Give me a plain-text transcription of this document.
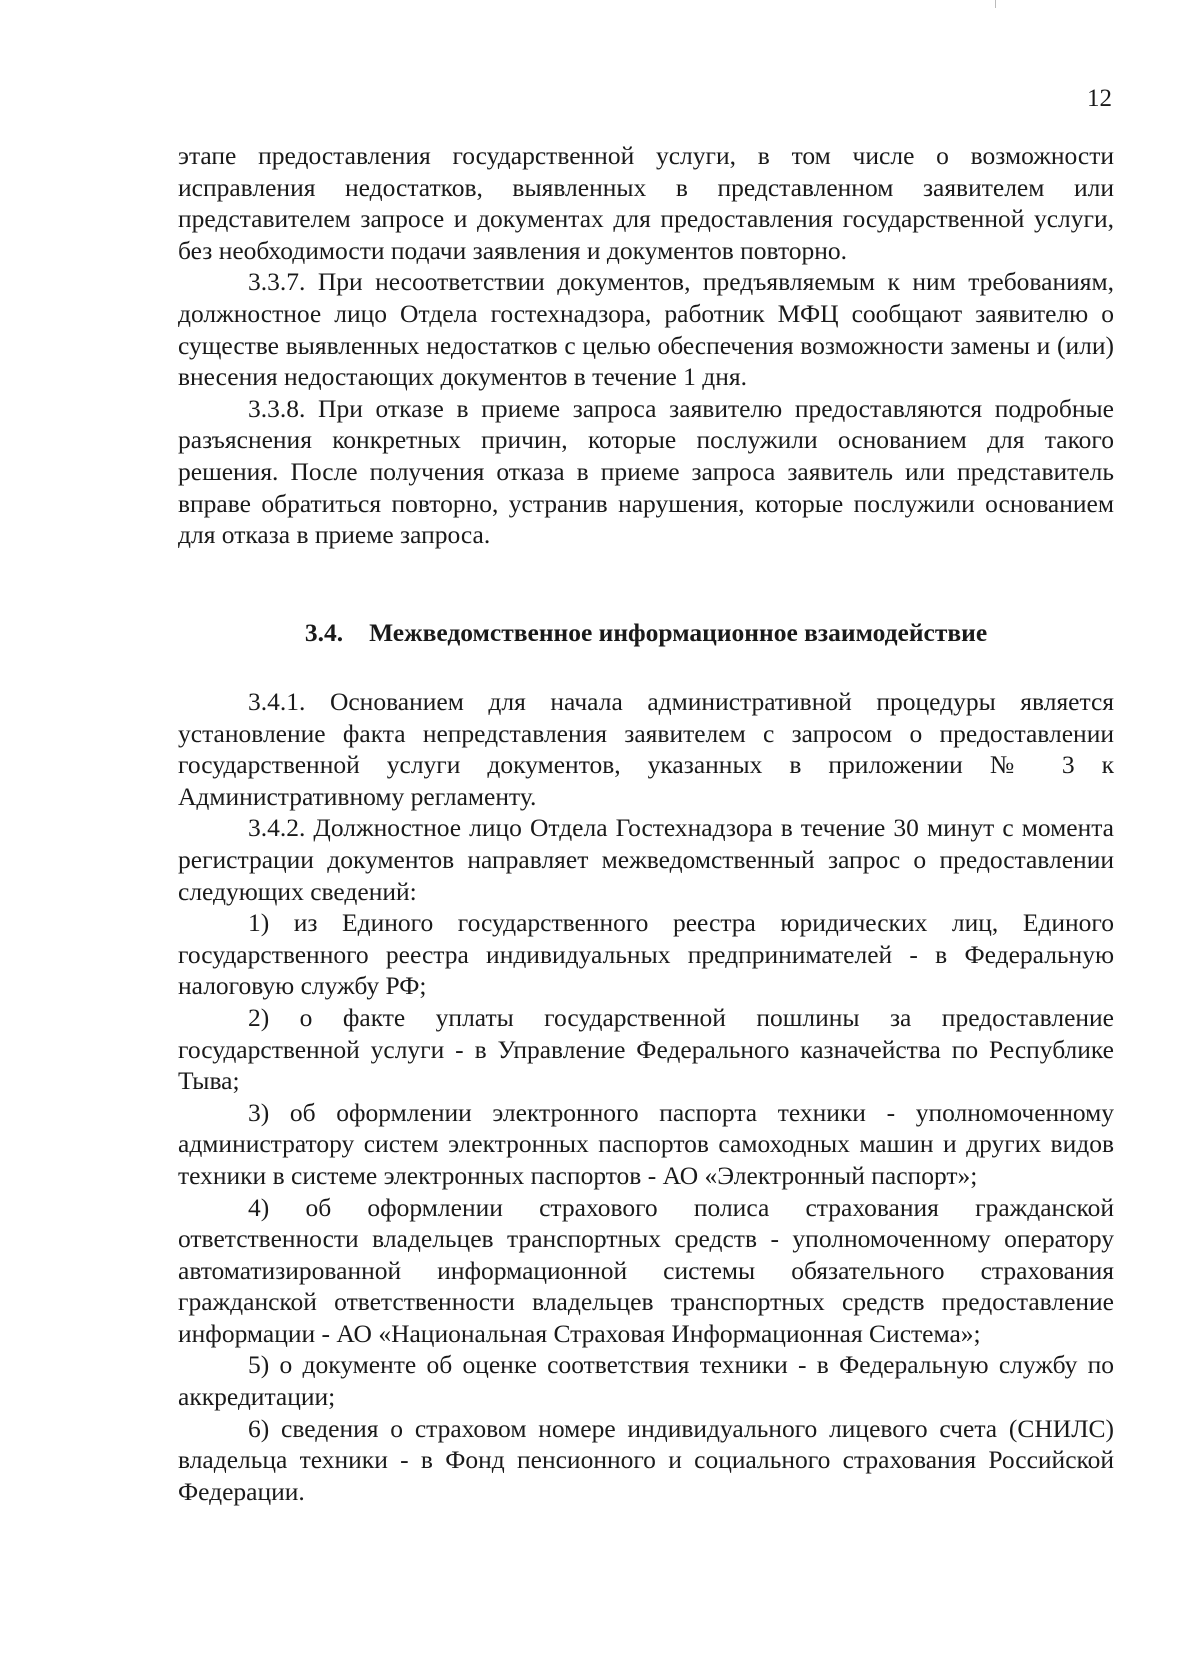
12

этапе предоставления государственной услуги, в том числе о возможности исправления недостатков, выявленных в представленном заявителем или представителем запросе и документах для предоставления государственной услуги, без необходимости подачи заявления и документов повторно.

3.3.7. При несоответствии документов, предъявляемым к ним требованиям, должностное лицо Отдела гостехнадзора, работник МФЦ сообщают заявителю о существе выявленных недостатков с целью обеспечения возможности замены и (или) внесения недостающих документов в течение 1 дня.

3.3.8. При отказе в приеме запроса заявителю предоставляются подробные разъяснения конкретных причин, которые послужили основанием для такого решения. После получения отказа в приеме запроса заявитель или представитель вправе обратиться повторно, устранив нарушения, которые послужили основанием для отказа в приеме запроса.

3.4. Межведомственное информационное взаимодействие

3.4.1. Основанием для начала административной процедуры является установление факта непредставления заявителем с запросом о предоставлении государственной услуги документов, указанных в приложении № 3 к Административному регламенту.

3.4.2. Должностное лицо Отдела Гостехнадзора в течение 30 минут с момента регистрации документов направляет межведомственный запрос о предоставлении следующих сведений:

1) из Единого государственного реестра юридических лиц, Единого государственного реестра индивидуальных предпринимателей - в Федеральную налоговую службу РФ;

2) о факте уплаты государственной пошлины за предоставление государственной услуги - в Управление Федерального казначейства по Республике Тыва;

3) об оформлении электронного паспорта техники - уполномоченному администратору систем электронных паспортов самоходных машин и других видов техники в системе электронных паспортов - АО «Электронный паспорт»;

4) об оформлении страхового полиса страхования гражданской ответственности владельцев транспортных средств - уполномоченному оператору автоматизированной информационной системы обязательного страхования гражданской ответственности владельцев транспортных средств предоставление информации - АО «Национальная Страховая Информационная Система»;

5) о документе об оценке соответствия техники - в Федеральную службу по аккредитации;

6) сведения о страховом номере индивидуального лицевого счета (СНИЛС) владельца техники - в Фонд пенсионного и социального страхования Российской Федерации.
